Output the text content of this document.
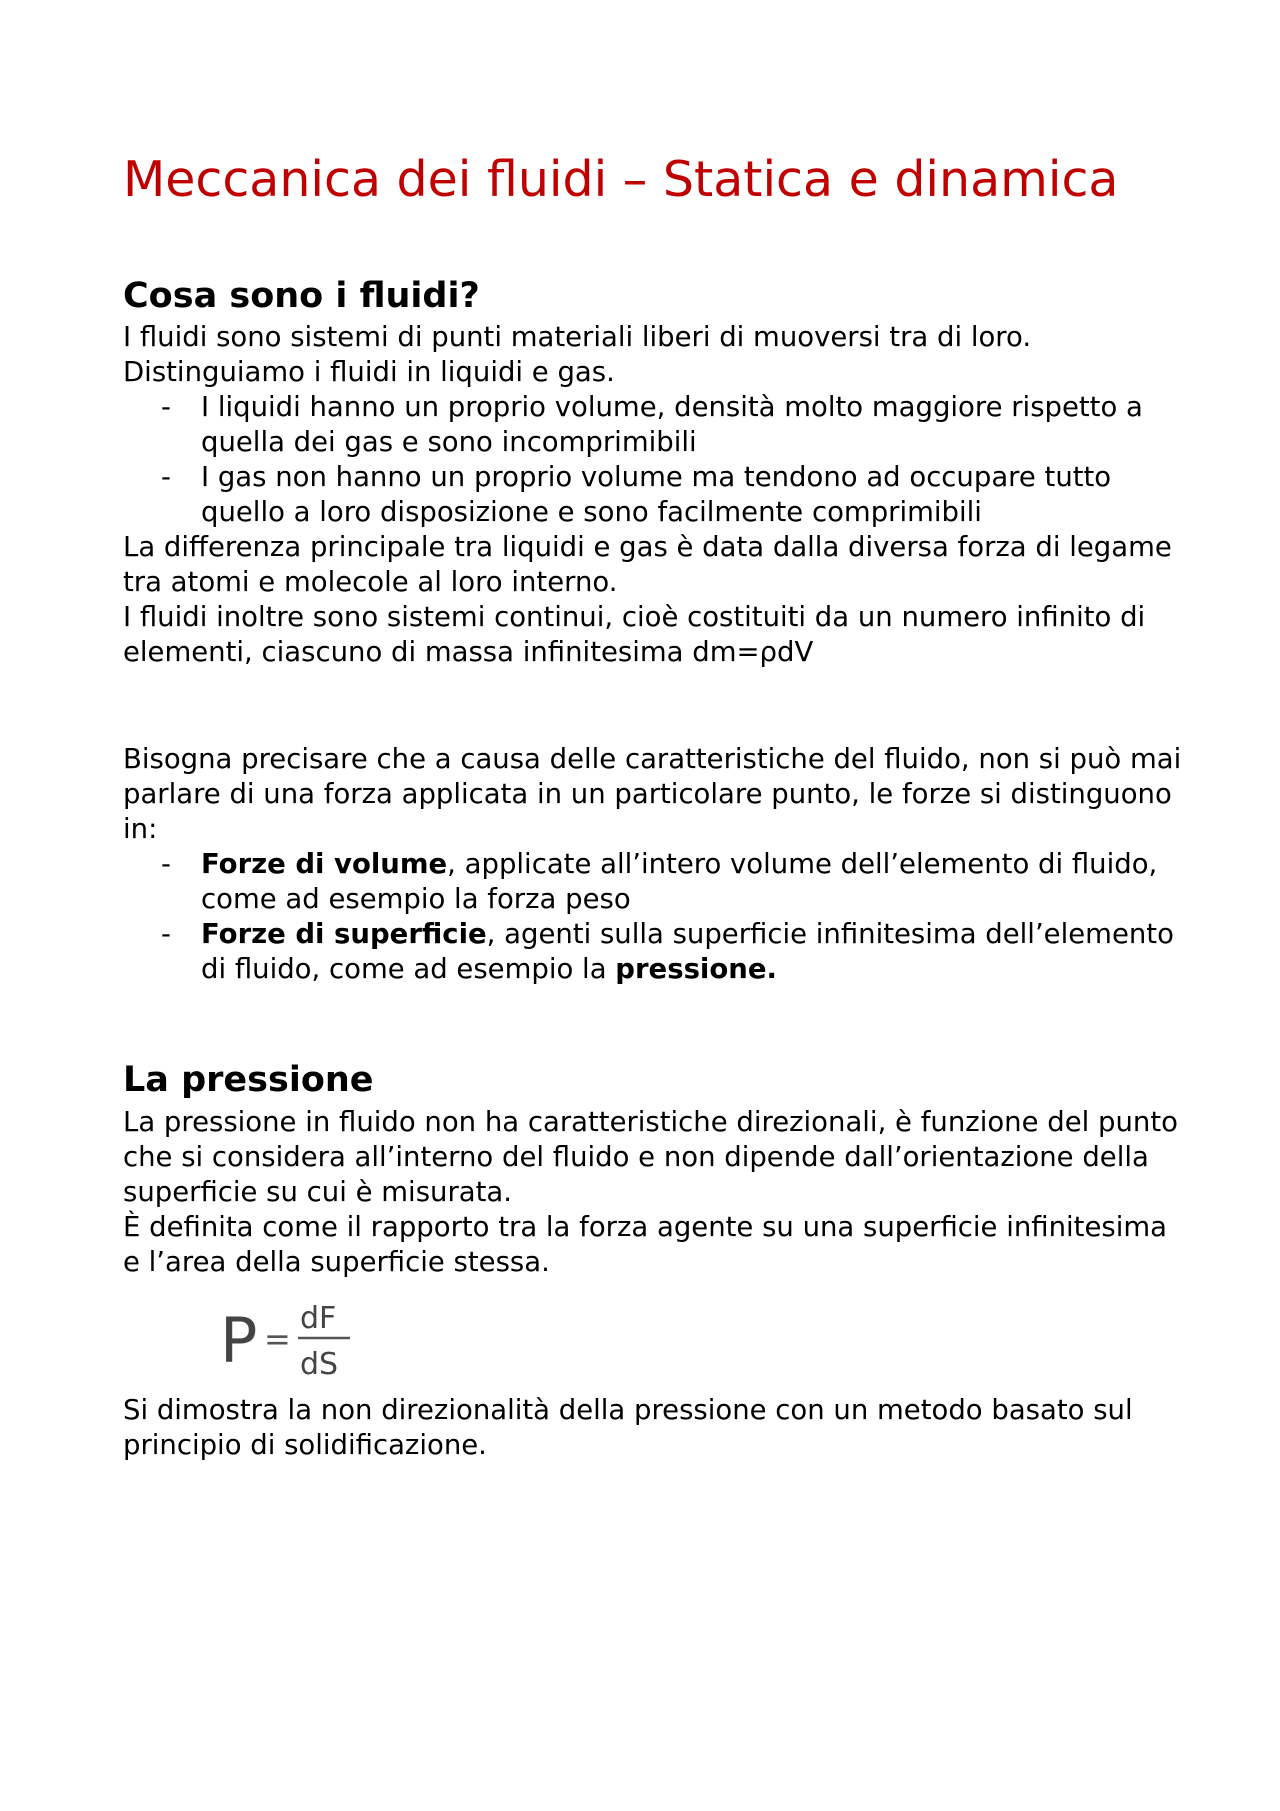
Meccanica dei fluidi – Statica e dinamica
Cosa sono i fluidi?

I fluidi sono sistemi di punti materiali liberi di muoversi tra di loro.

Distinguiamo i fluidi in liquidi e gas.

- I liquidi hanno un proprio volume, densità molto maggiore rispetto a quella dei gas e sono incomprimibili
- I gas non hanno un proprio volume ma tendono ad occupare tutto quello a loro disposizione e sono facilmente comprimibili

La differenza principale tra liquidi e gas è data dalla diversa forza di legame tra atomi e molecole al loro interno.

I fluidi inoltre sono sistemi continui, cioè costituiti da un numero infinito di elementi, ciascuno di massa infinitesima dm=ρdV

Bisogna precisare che a causa delle caratteristiche del fluido, non si può mai parlare di una forza applicata in un particolare punto, le forze si distinguono in:

- Forze di volume, applicate all’intero volume dell’elemento di fluido, come ad esempio la forza peso
- Forze di superficie, agenti sulla superficie infinitesima dell’elemento di fluido, come ad esempio la pressione.
La pressione

La pressione in fluido non ha caratteristiche direzionali, è funzione del punto che si considera all’interno del fluido e non dipende dall’orientazione della superficie su cui è misurata.

È definita come il rapporto tra la forza agente su una superficie infinitesima e l’area della superficie stessa.

P =
dF
dS

Si dimostra la non direzionalità della pressione con un metodo basato sul principio di solidificazione.
